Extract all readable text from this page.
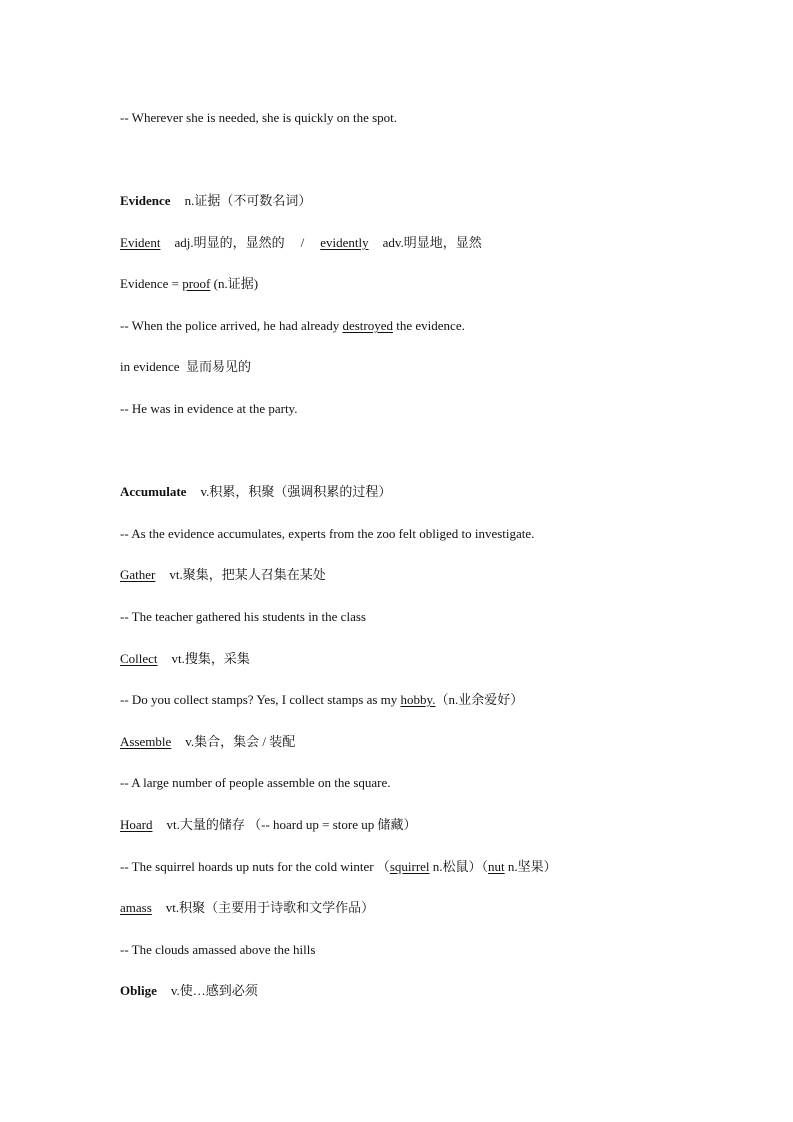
-- Wherever she is needed, she is quickly on the spot.
Evidence n.证据（不可数名词）
Evident adj.明显的，显然的 / evidently adv.明显地，显然
Evidence = proof (n.证据)
-- When the police arrived, he had already destroyed the evidence.
in evidence  显而易见的
-- He was in evidence at the party.
Accumulate v.积累，积聚（强调积累的过程）
-- As the evidence accumulates, experts from the zoo felt obliged to investigate.
Gather vt.聚集，把某人召集在某处
-- The teacher gathered his students in the class
Collect vt.搜集，采集
-- Do you collect stamps? Yes, I collect stamps as my hobby.（n.业余爱好）
Assemble v.集合，集会 / 装配
-- A large number of people assemble on the square.
Hoard vt.大量的储存 （-- hoard up = store up 储藏）
-- The squirrel hoards up nuts for the cold winter （squirrel n.松鼠）（nut n.坚果）
amass vt.积聚（主要用于诗歌和文学作品）
-- The clouds amassed above the hills
Oblige v.使…感到必须
